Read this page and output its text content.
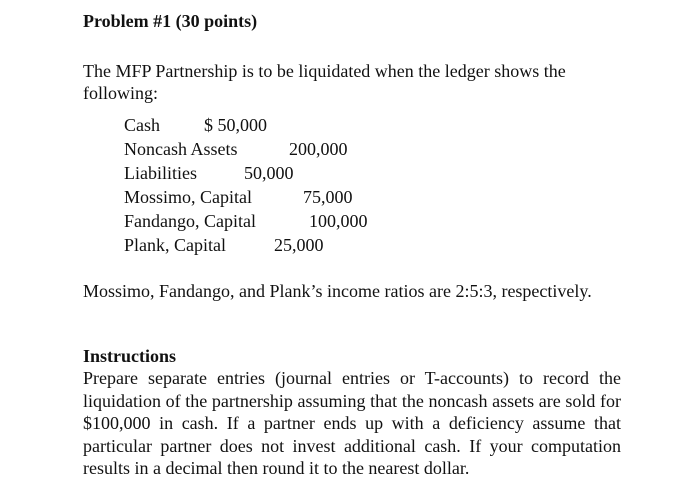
Problem #1 (30 points)
The MFP Partnership is to be liquidated when the ledger shows the following:
Cash $ 50,000
Noncash Assets	200,000
Liabilities	50,000
Mossimo, Capital	75,000
Fandango, Capital	100,000
Plank, Capital	25,000
Mossimo, Fandango, and Plank’s income ratios are 2:5:3, respectively.
Instructions
Prepare separate entries (journal entries or T-accounts) to record the liquidation of the partnership assuming that the noncash assets are sold for $100,000 in cash. If a partner ends up with a deficiency assume that particular partner does not invest additional cash. If your computation results in a decimal then round it to the nearest dollar.
